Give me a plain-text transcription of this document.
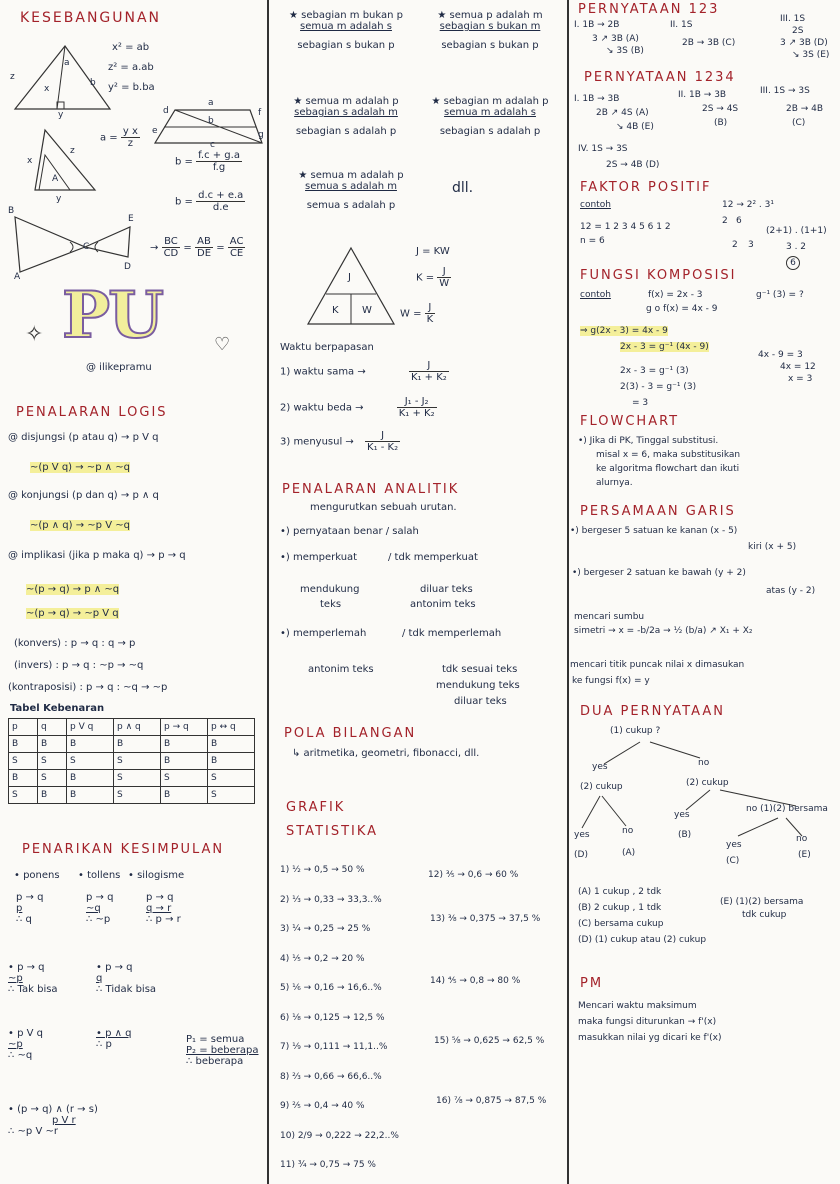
KESEBANGUNAN
z
x
a
b
y
x² = ab
z² = a.ab
y² = b.ba
x
z
A
y
$a = \frac{\text{y x}}{z}$
a
b
c
d
e
f
g
$b = \frac{f.c + g.a}{f.g}$
$b = \frac{d.c + e.a}{d.e}$
B
E
C
A
D
→ $\frac{BC}{CD} = \frac{AB}{DE} = \frac{AC}{CE}$
✧ PU	♡
@ ilikepramu
PENALARAN LOGIS
@ disjungsi (p atau q) → p V q
~(p V q) → ~p ∧ ~q
@ konjungsi (p dan q) → p ∧ q
~(p ∧ q) → ~p V ~q
@ implikasi (jika p maka q) → p → q
~(p → q) → p ∧ ~q
~(p → q) → ~p V q
(konvers) : p → q : q → p
(invers) : p → q : ~p → ~q
(kontraposisi) : p → q : ~q → ~p
Tabel Kebenaran
p	q	p V q	p ∧ q	p → q	p ↔ q
B	B	B	B	B	B
S	S	S	S	B	B
B	S	B	S	S	S
S	B	B	S	B	S
PENARIKAN KESIMPULAN
• ponens • tollens • silogisme
p → q
p
∴ q
p → q
~q
∴ ~p
p → q
q → r
∴ p → r
• p → q
~p
∴ Tak bisa
• p → q
q
∴ Tidak bisa
• p V q
~p
∴ ~q
• p ∧ q
∴ p	P₁ = semua
P₂ = beberapa
∴ beberapa
• (p → q) ∧ (r → s)
p V r
∴ ~p V ~r
★ sebagian m bukan p
semua m adalah s
sebagian s bukan p
★ semua p adalah m
sebagian s bukan m
sebagian s bukan p
★ semua m adalah p
sebagian s adalah m
sebagian s adalah p
★ sebagian m adalah p
semua m adalah s
sebagian s adalah p
★ semua m adalah p
semua s adalah m
semua s adalah p
dll.
J
K W
J = KW
$K = \frac{J}{W}$
$W = \frac{J}{K}$
Waktu berpapasan
1) waktu sama →	$\frac{J}{\text{K₁ + K₂}}$
2) waktu beda →	$\frac{\text{J₁ - J₂}}{\text{K₁ + K₂}}$
3) menyusul → $\frac{J}{\text{K₁ - K₂}}$
PENALARAN ANALITIK
mengurutkan sebuah urutan.
•) pernyataan benar / salah
•) memperkuat	/ tdk memperkuat
mendukung
teks
diluar teks
antonim teks
•) memperlemah	/ tdk memperlemah
antonim teks	tdk sesuai teks
mendukung teks
diluar teks
POLA BILANGAN
↳ aritmetika, geometri, fibonacci, dll.
GRAFIK
STATISTIKA
1) ½ → 0,5 → 50 %
2) ⅓ → 0,33 → 33,3..%
3) ¼ → 0,25 → 25 %
4) ⅕ → 0,2 → 20 %
5) ⅙ → 0,16 → 16,6..%
6) ⅛ → 0,125 → 12,5 %
7) ⅑ → 0,111 → 11,1..%
8) ⅔ → 0,66 → 66,6..%
9) ⅖ → 0,4 → 40 %
10) 2/9 → 0,222 → 22,2..%
11) ¾ → 0,75 → 75 %
12) ⅗ → 0,6 → 60 %
13) ⅜ → 0,375 → 37,5 %
14) ⅘ → 0,8 → 80 %
15) ⅝ → 0,625 → 62,5 %
16) ⅞ → 0,875 → 87,5 %
PERNYATAAN 123
I. 1B → 2B
3 ↗ 3B (A)
↘ 3S (B)
II. 1S
2B → 3B (C)
III. 1S
2S
3 ↗ 3B (D)
↘ 3S (E)
PERNYATAAN 1234
I. 1B → 3B
2B ↗ 4S (A)
↘ 4B (E)
II. 1B → 3B
2S → 4S
(B)
III. 1S → 3S
2B → 4B
(C)
IV. 1S → 3S
2S → 4B (D)
FAKTOR POSITIF
contoh
12 = 1 2 3 4 5 6 1 2
n = 6
12 → 2² . 3¹
2 6
2 3
(2+1) . (1+1)
3 . 2
6
FUNGSI KOMPOSISI
contoh	f(x) = 2x - 3
g o f(x) = 4x - 9
g⁻¹ (3) = ?
⇒ g(2x - 3) = 4x - 9
2x - 3 = g⁻¹ (4x - 9)
2x - 3 = g⁻¹ (3)
2(3) - 3 = g⁻¹ (3)
= 3
4x - 9 = 3
4x = 12
x = 3
FLOWCHART
•) Jika di PK, Tinggal substitusi.
misal x = 6, maka substitusikan
ke algoritma flowchart dan ikuti
alurnya.
PERSAMAAN GARIS
•) bergeser 5 satuan ke kanan (x - 5)
kiri (x + 5)
•) bergeser 2 satuan ke bawah (y + 2)
atas (y - 2)
mencari sumbu
simetri → x = -b/2a → ½ (b/a) ↗ X₁ + X₂
mencari titik puncak nilai x dimasukan
ke fungsi f(x) = y
DUA PERNYATAAN
(1) cukup ?
yes	no
(2) cukup	(2) cukup
yes
no (1)(2) bersama
yes	no
(D)	(A)
(B)
yes
(C)
no
(E)
(A) 1 cukup , 2 tdk
(B) 2 cukup , 1 tdk
(C) bersama cukup
(D) (1) cukup atau (2) cukup
(E) (1)(2) bersama
tdk cukup
PM
Mencari waktu maksimum
maka fungsi diturunkan → f'(x)
masukkan nilai yg dicari ke f'(x)
